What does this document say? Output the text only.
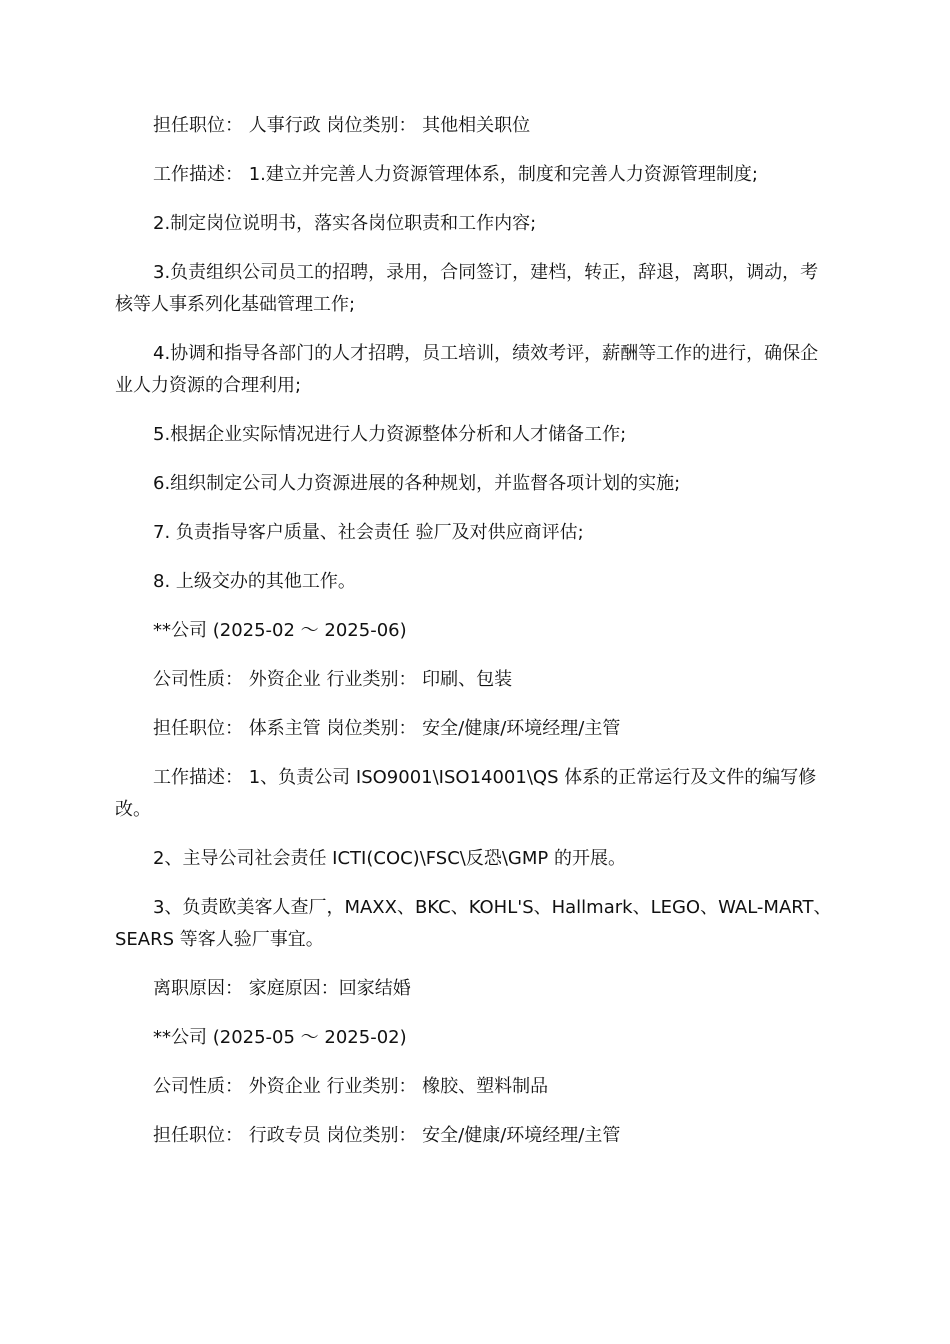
担任职位： 人事行政 岗位类别： 其他相关职位

工作描述： 1.建立并完善人力资源管理体系，制度和完善人力资源管理制度;

2.制定岗位说明书，落实各岗位职责和工作内容;

3.负责组织公司员工的招聘，录用，合同签订，建档，转正，辞退，离职，调动，考核等人事系列化基础管理工作;

4.协调和指导各部门的人才招聘，员工培训，绩效考评，薪酬等工作的进行，确保企业人力资源的合理利用;

5.根据企业实际情况进行人力资源整体分析和人才储备工作;

6.组织制定公司人力资源进展的各种规划，并监督各项计划的实施;

7. 负责指导客户质量、社会责任 验厂及对供应商评估;

8. 上级交办的其他工作。

**公司 (2025-02 ～ 2025-06)

公司性质： 外资企业 行业类别： 印刷、包装

担任职位： 体系主管 岗位类别： 安全/健康/环境经理/主管

工作描述： 1、负责公司 ISO9001\ISO14001\QS 体系的正常运行及文件的编写修改。

2、主导公司社会责任 ICTI(COC)\FSC\反恐\GMP 的开展。

3、负责欧美客人查厂，MAXX、BKC、KOHL'S、Hallmark、LEGO、WAL-MART、SEARS 等客人验厂事宜。

离职原因： 家庭原因：回家结婚

**公司 (2025-05 ～ 2025-02)

公司性质： 外资企业 行业类别： 橡胶、塑料制品

担任职位： 行政专员 岗位类别： 安全/健康/环境经理/主管
